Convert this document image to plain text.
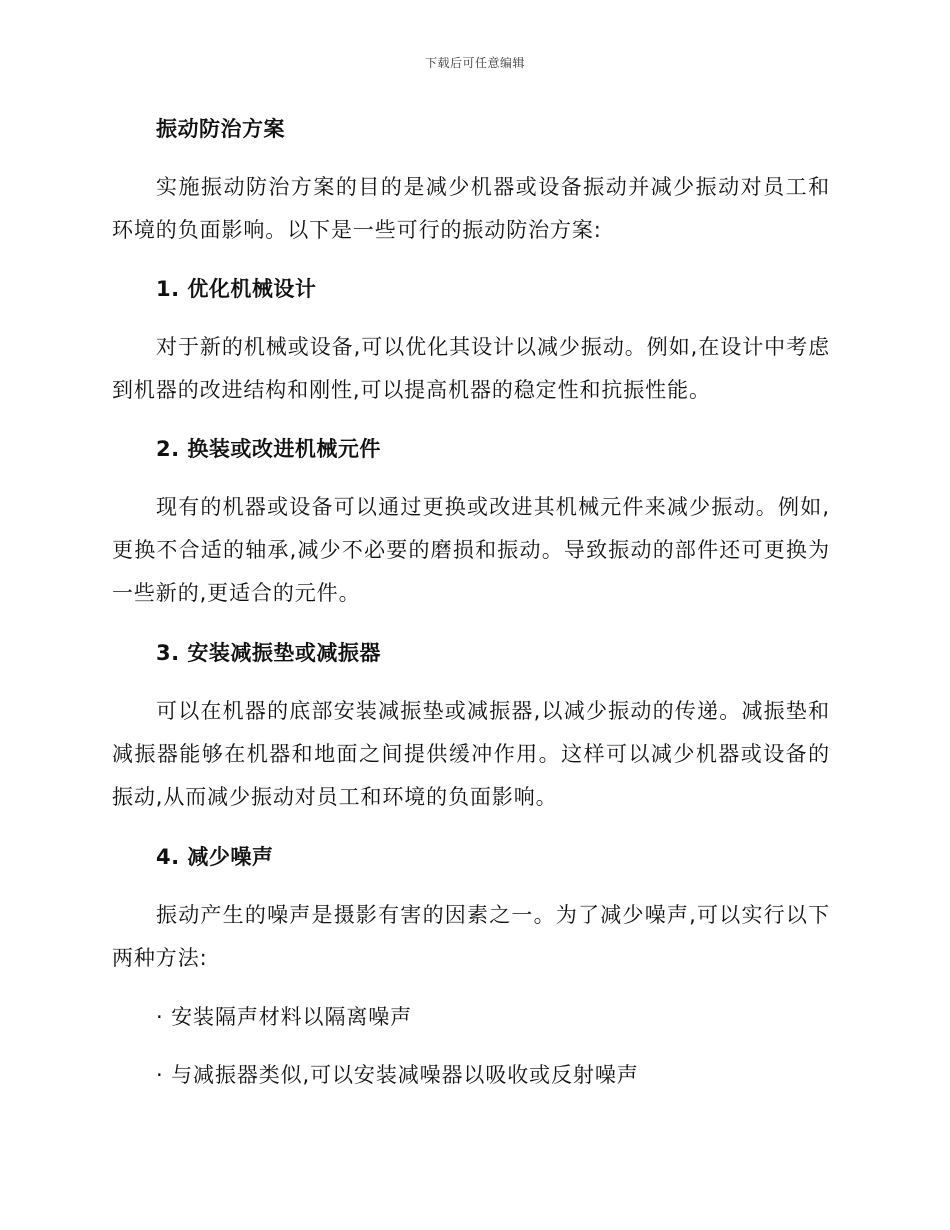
下载后可任意编辑

振动防治方案

实施振动防治方案的目的是减少机器或设备振动并减少振动对员工和环境的负面影响。以下是一些可行的振动防治方案:

1. 优化机械设计

对于新的机械或设备,可以优化其设计以减少振动。例如,在设计中考虑到机器的改进结构和刚性,可以提高机器的稳定性和抗振性能。

2. 换装或改进机械元件

现有的机器或设备可以通过更换或改进其机械元件来减少振动。例如,更换不合适的轴承,减少不必要的磨损和振动。导致振动的部件还可更换为一些新的,更适合的元件。

3. 安装减振垫或减振器

可以在机器的底部安装减振垫或减振器,以减少振动的传递。减振垫和减振器能够在机器和地面之间提供缓冲作用。这样可以减少机器或设备的振动,从而减少振动对员工和环境的负面影响。

4. 减少噪声

振动产生的噪声是摄影有害的因素之一。为了减少噪声,可以实行以下两种方法:

· 安装隔声材料以隔离噪声

· 与减振器类似,可以安装减噪器以吸收或反射噪声
